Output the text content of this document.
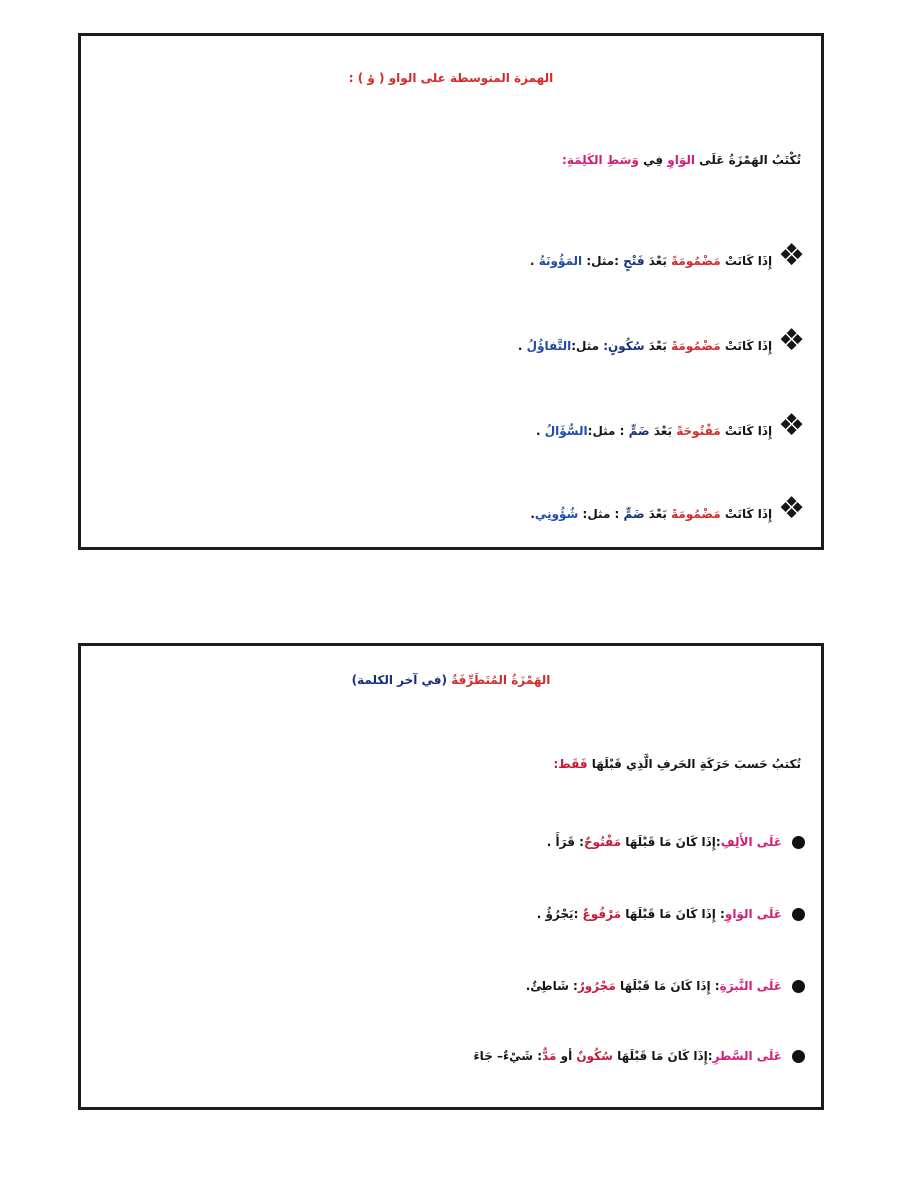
الهمزة المتوسطة على الواو ( ؤ ) :
تُكْتَبُ الهَمْزَةُ عَلَى الوَاوِ فِي وَسَطِ الكَلِمَةِ:
❖إِذَا كَانَتْ مَضْمُومَةً بَعْدَ فَتْحٍ :مثل: المَؤُونَةُ .
❖إِذَا كَانَتْ مَضْمُومَةً بَعْدَ سُكُونٍ: مثل:التَّفاؤُلُ .
❖إِذَا كَانَتْ مَفْتُوحَةً بَعْدَ ضَمٍّ : مثل:السُّؤَالُ .
❖إِذَا كَانَتْ مَضْمُومَةً بَعْدَ ضَمٍّ : مثل: شُؤُونِي.
الهَمْزَةُ المُتَطَرِّفَةُ (في آخر الكلمة)
تُكتبُ حَسبَ حَرَكَةِ الحَرفِ الَّذِي قَبْلَهَا فَقَط:
عَلَى الأَلِفِ:إِذَا كَانَ مَا قَبْلَهَا مَفْتُوحٌ: قَرَأَ .
عَلَى الوَاوِ: إِذَا كَانَ مَا قَبْلَهَا مَرْفُوعٌ :يَجْرُؤُ .
عَلَى النَّبرَةِ: إِذَا كَانَ مَا قَبْلَهَا مَجْرُورٌ: شَاطِئٌ.
عَلَى السَّطرِ:إِذَا كَانَ مَا قَبْلَهَا سُكُونٌ أو مَدٌّ: شَيْءٌ– جَاءَ
